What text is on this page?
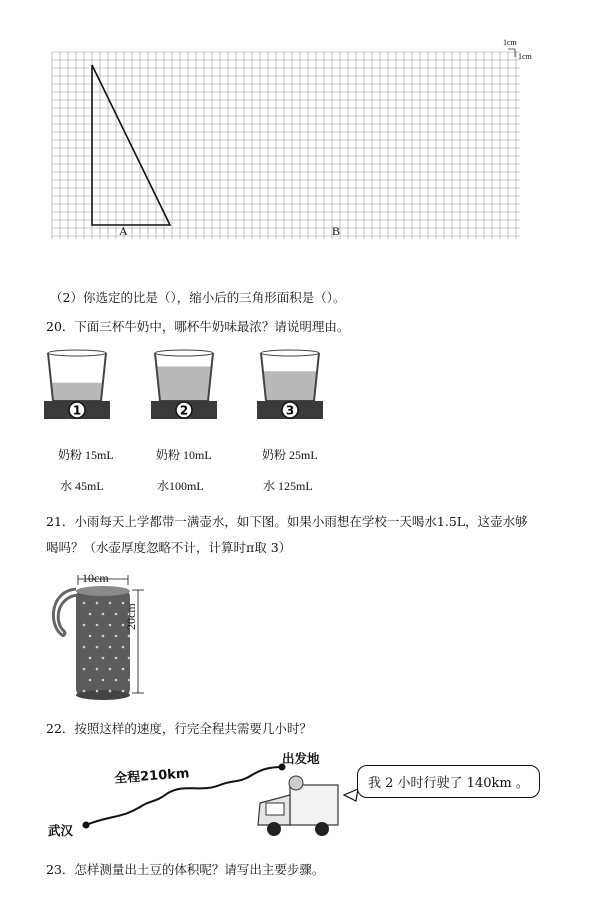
1cm
1cm
A	B
（2）你选定的比是（），缩小后的三角形面积是（）。
20．下面三杯牛奶中，哪杯牛奶味最浓？请说明理由。
1	2	3
奶粉 15mL	奶粉 10mL	奶粉 25mL
水 45mL	水100mL	水 125mL
21．小雨每天上学都带一满壶水，如下图。如果小雨想在学校一天喝水1.5L，这壶水够
喝吗？（水壶厚度忽略不计，计算时π取 3）
10cm
20cm
22．按照这样的速度，行完全程共需要几小时？
全程210km
出发地
武汉
我 2 小时行驶了 140km 。
23．怎样测量出土豆的体积呢？请写出主要步骤。
